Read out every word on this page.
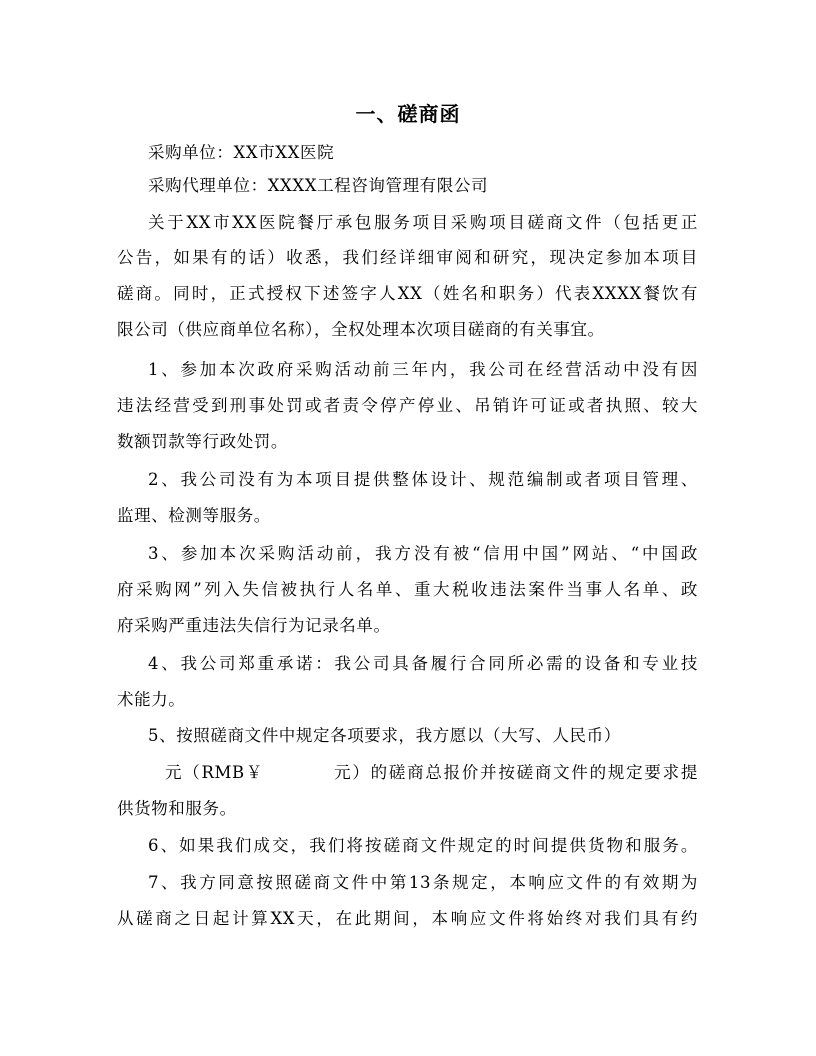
一、磋商函
采购单位：XX市XX医院
采购代理单位：XXXX工程咨询管理有限公司
关于XX市XX医院餐厅承包服务项目采购项目磋商文件（包括更正
公告，如果有的话）收悉，我们经详细审阅和研究，现决定参加本项目
磋商。同时，正式授权下述签字人XX（姓名和职务）代表XXXX餐饮有
限公司（供应商单位名称），全权处理本次项目磋商的有关事宜。
1、参加本次政府采购活动前三年内，我公司在经营活动中没有因
违法经营受到刑事处罚或者责令停产停业、吊销许可证或者执照、较大
数额罚款等行政处罚。
2、我公司没有为本项目提供整体设计、规范编制或者项目管理、
监理、检测等服务。
3、参加本次采购活动前，我方没有被“信用中国”网站、“中国政
府采购网”列入失信被执行人名单、重大税收违法案件当事人名单、政
府采购严重违法失信行为记录名单。
4、我公司郑重承诺：我公司具备履行合同所必需的设备和专业技
术能力。
5、按照磋商文件中规定各项要求，我方愿以（大写、人民币）
元（RMB￥          元）的磋商总报价并按磋商文件的规定要求提
供货物和服务。
6、如果我们成交，我们将按磋商文件规定的时间提供货物和服务。
7、我方同意按照磋商文件中第13条规定，本响应文件的有效期为
从磋商之日起计算XX天，在此期间，本响应文件将始终对我们具有约
